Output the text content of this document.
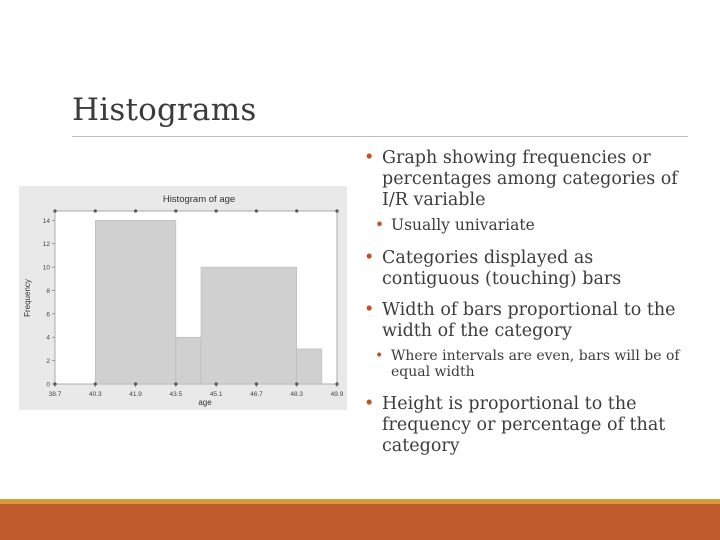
Histograms
Histogram of age
Frequency
age
0
2
4
6
8
10
12
14
38.7	40.3	41.9	43.5	45.1	46.7	48.3	49.9
• Graph showing frequencies or percentages among categories of I/R variable
• Usually univariate
• Categories displayed as contiguous (touching) bars
• Width of bars proportional to the width of the category
• Where intervals are even, bars will be of equal width
• Height is proportional to the frequency or percentage of that category
